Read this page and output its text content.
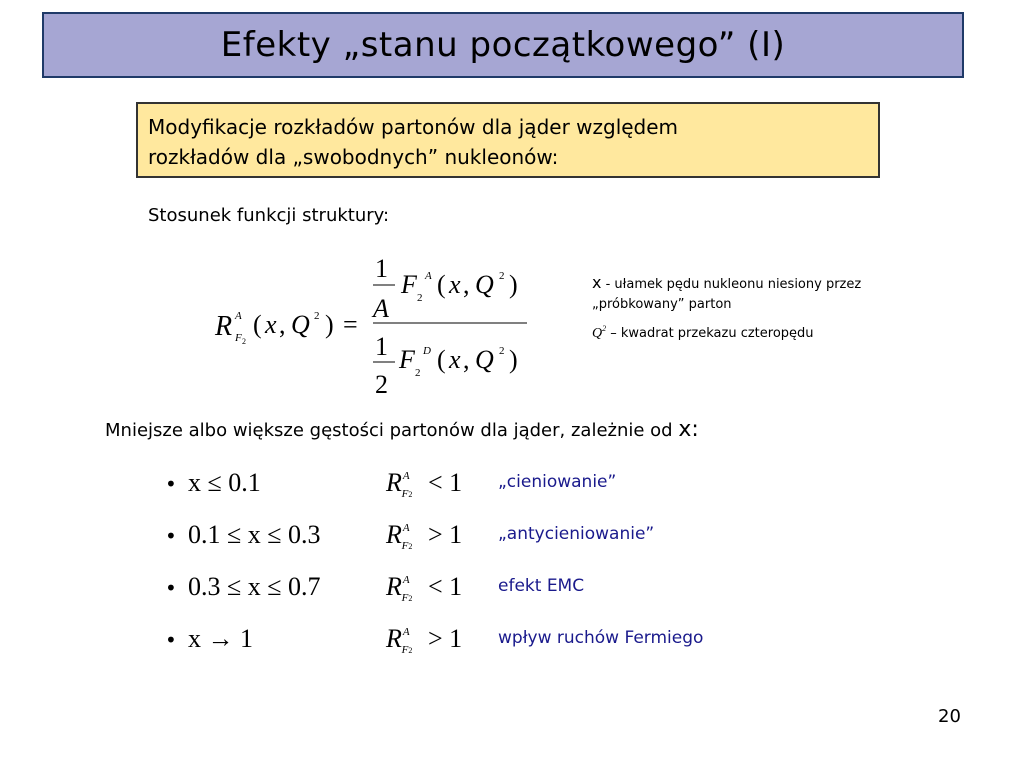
Efekty „stanu początkowego” (I)
Modyfikacje rozkładów partonów dla jąder względem
rozkładów dla „swobodnych” nukleonów:
Stosunek funkcji struktury:
R A
F 2
( x , Q 2 ) =
1
A
F 2
A ( x , Q 2 )
1
2
F 2
D ( x , Q 2 )
x - ułamek pędu nukleonu niesiony przez
„próbkowany” parton
$Q^2$ – kwadrat przekazu czteropędu
Mniejsze albo większe gęstości partonów dla jąder, zależnie od x:
• x ≤ 0.1	$R^A_{F2} < 1$ „cieniowanie”
• 0.1 ≤ x ≤ 0.3	$R^A_{F2} > 1$ „antycieniowanie”
• 0.3 ≤ x ≤ 0.7	$R^A_{F2} < 1$ efekt EMC
• x → 1	$R^A_{F2} > 1$ wpływ ruchów Fermiego
20
